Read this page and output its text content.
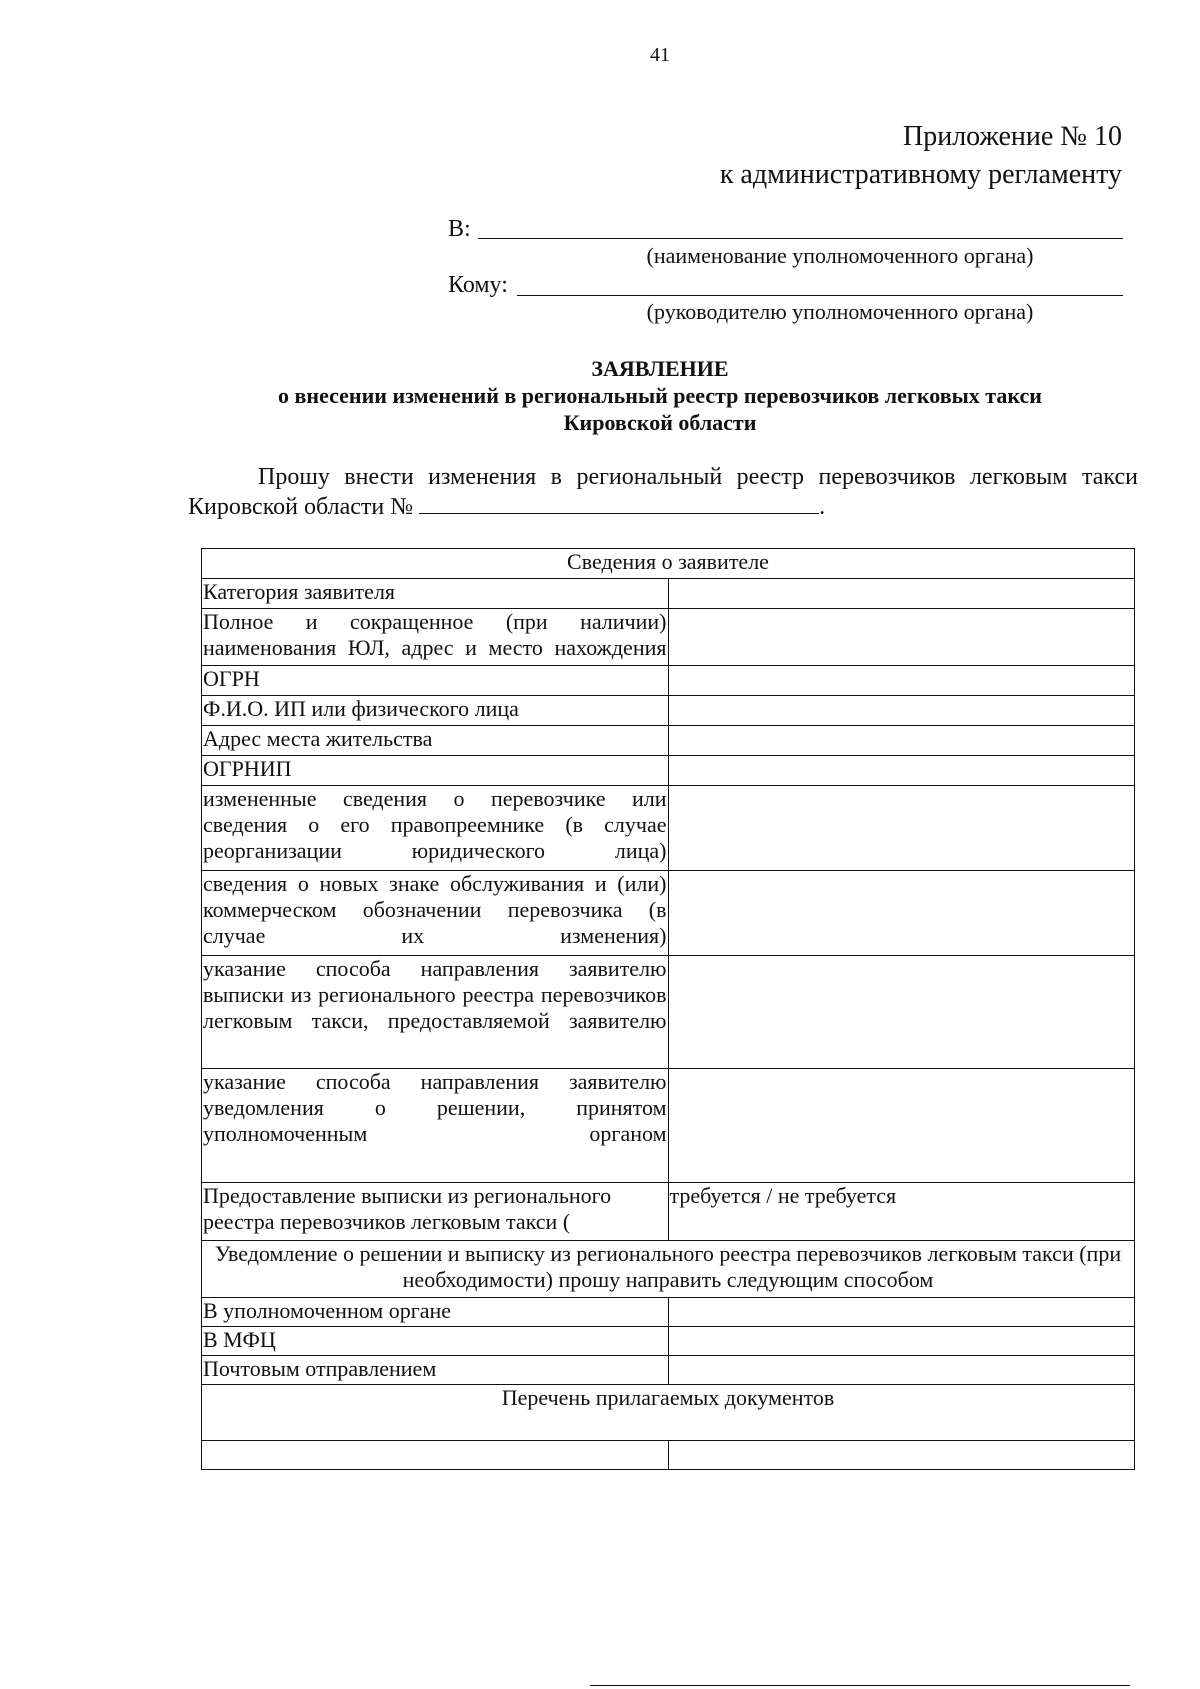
41
Приложение № 10
к административному регламенту
В:
(наименование уполномоченного органа)
Кому:
(руководителю уполномоченного органа)
ЗАЯВЛЕНИЕ
о внесении изменений в региональный реестр перевозчиков легковых такси
Кировской области
Прошу внести изменения в региональный реестр перевозчиков легковым такси
Кировской области №	.
Сведения о заявителе	
Категория заявителя	
Полное и сокращенное (при наличии) наименования ЮЛ, адрес и место нахождения	
ОГРН	
Ф.И.О. ИП или физического лица	
Адрес места жительства	
ОГРНИП	
измененные сведения о перевозчике или сведения о его правопреемнике (в случае реорганизации юридического лица)	
сведения о новых знаке обслуживания и (или) коммерческом обозначении перевозчика (в случае их изменения)	
указание способа направления заявителю выписки из регионального реестра перевозчиков легковым такси, предоставляемой заявителю	
указание способа направления заявителю уведомления о решении, принятом уполномоченным органом	
Предоставление выписки из регионального реестра перевозчиков легковым такси (	требуется / не требуется
Уведомление о решении и выписку из регионального реестра перевозчиков легковым такси (при необходимости) прошу направить следующим способом	
В уполномоченном органе	
В МФЦ	
Почтовым отправлением	
Перечень прилагаемых документов	
